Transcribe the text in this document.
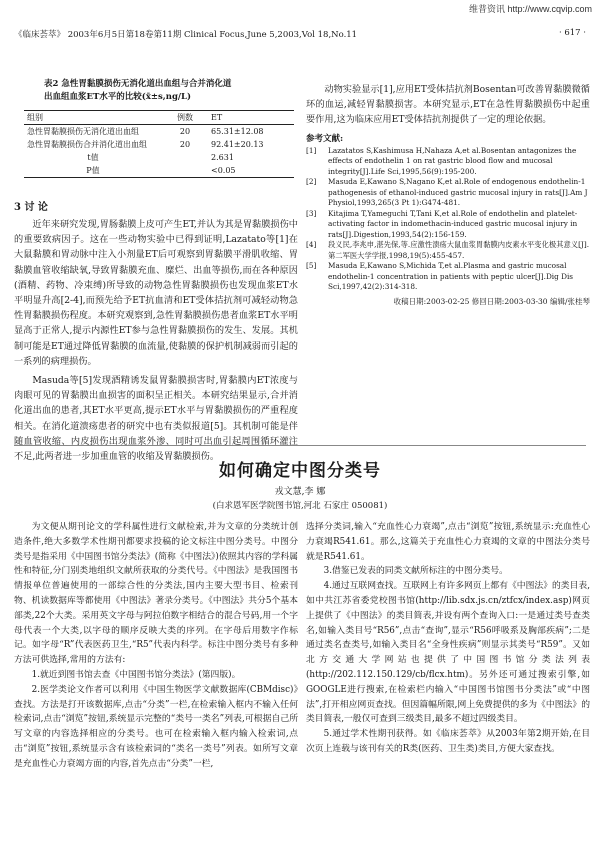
维普资讯 http://www.cqvip.com
《临床荟萃》 2003年6月5日第18卷第11期 Clinical Focus,June 5,2003,Vol 18,No.11	· 617 ·
表2 急性胃黏膜损伤无消化道出血组与合并消化道
出血组血浆ET水平的比较(x̄±s,ng/L)
组别	例数	ET
急性胃黏膜损伤无消化道出血组	20	65.31±12.08
急性胃黏膜损伤合并消化道出血组	20	92.41±20.13
t值		2.631
P值		<0.05
3 讨 论

近年来研究发现,胃肠黏膜上皮可产生ET,并认为其是胃黏膜损伤中的重要致病因子。这在一些动物实验中已得到证明,Lazatato等[1]在大鼠黏膜和胃动脉中注入小剂量ET后可观察到胃黏膜平滑肌收缩、胃黏膜血管收缩缺氧,导致胃黏膜充血、糜烂、出血等损伤,而在各种原因(酒精、药物、冷束缚)所导致的动物急性胃黏膜损伤也发现血浆ET水平明显升高[2-4],而预先给予ET抗血清和ET受体拮抗剂可减轻动物急性胃黏膜损伤程度。本研究观察到,急性胃黏膜损伤患者血浆ET水平明显高于正常人,提示内源性ET参与急性胃黏膜损伤的发生、发展。其机制可能是ET通过降低胃黏膜的血流量,使黏膜的保护机制减弱而引起的一系列的病理损伤。

Masuda等[5]发现酒精诱发鼠胃黏膜损害时,胃黏膜内ET浓度与肉眼可见的胃黏膜出血损害的面积呈正相关。本研究结果显示,合并消化道出血的患者,其ET水平更高,提示ET水平与胃黏膜损伤的严重程度相关。在消化道溃疡患者的研究中也有类似报道[5]。其机制可能是伴随血管收缩、内皮损伤出现血浆外渗、同时可出血引起周围循环灌注不足,此两者进一步加重血管的收缩及胃黏膜损伤。

动物实验显示[1],应用ET受体拮抗剂Bosentan可改善胃黏膜微循环的血运,减轻胃黏膜损害。本研究显示,ET在急性胃黏膜损伤中起重要作用,这为临床应用ET受体拮抗剂提供了一定的理论依据。

参考文献:
[1] Lazatatos S,Kashimusa H,Nahaza A,et al.Bosentan antagonizes the effects of endothelin 1 on rat gastric blood flow and mucosal integrity[J].Life Sci,1995,56(9):195-200.
[2] Masuda E,Kawano S,Nagano K,et al.Role of endogenous endothelin-1 pathogenesis of ethanol-induced gastric mucosal injury in rats[J].Am J Physiol,1993,265(3 Pt 1):G474-481.
[3] Kitajima T,Yameguchi T,Tani K,et al.Role of endothelin and platelet-activating factor in indomethacin-induced gastric mucosal injury in rats[J].Digestion,1993,54(2):156-159.
[4] 段义民,李兆申,湛先保,等.应激性溃疡大鼠血浆胃黏膜内皮素水平变化极其意义[J].第二军医大学学报,1998,19(5):455-457.
[5] Masuda E,Kawano S,Michida T,et al.Plasma and gastric mucosal endothelin-1 concentration in patients with peptic ulcer[J].Dig Dis Sci,1997,42(2):314-318.
收稿日期:2003-02-25 修回日期:2003-03-30 编辑/张桂琴
如何确定中图分类号
戎文慧,李 娜
(白求恩军医学院图书馆,河北 石家庄 050081)

为文便从期刊论文的学科属性进行文献检索,并为文章的分类统计创造条件,绝大多数学术性期刊都要求投稿的论文标注中图分类号。中图分类号是指采用《中国图书馆分类法》(简称《中图法》)依照其内容的学科属性和特征,分门别类地组织文献所获取的分类代号。《中图法》是我国图书情报单位普遍使用的一部综合性的分类法,国内主要大型书目、检索刊物、机读数据库等都使用《中图法》著录分类号。《中图法》共分5个基本部类,22个大类。采用英文字母与阿拉伯数字相结合的混合号码,用一个字母代表一个大类,以字母的顺序反映大类的序列。在字母后用数字作标记。如字母“R”代表医药卫生,“R5”代表内科学。标注中图分类号有多种方法可供选择,常用的方法有:

1.就近到图书馆去查《中国图书馆分类法》(第四版)。

2.医学类论文作者可以利用《中国生物医学文献数据库(CBMdisc)》查找。方法是打开该数据库,点击“分类”一栏,在检索输入框内不输入任何检索词,点击“浏览”按钮,系统显示完整的“类号一类名”列表,可根据自己所写文章的内容选择相应的分类号。也可在检索输入框内输入检索词,点击“浏览”按钮,系统显示含有该检索词的“类名一类号”列表。如所写文章是充血性心力衰竭方面的内容,首先点击“分类”一栏,

选择分类词,输入“充血性心力衰竭”,点击“浏览”按钮,系统显示:充血性心力衰竭R541.61。那么,这篇关于充血性心力衰竭的文章的中图法分类号就是R541.61。

3.借鉴已发表的同类文献所标注的中图分类号。

4.通过互联网查找。互联网上有许多网页上都有《中图法》的类目表,如中共江苏省委党校图书馆(http://lib.sdx.js.cn/ztfcx/index.asp)网页上提供了《中图法》的类目简表,并设有两个查询入口:一是通过类号查类名,如输入类目号“R56”,点击“查询”,显示“R56呼吸系及胸部疾病”;二是通过类名查类号,如输入类目名“全身性疾病”则显示其类号“R59”。又如北方交通大学网站也提供了中国图书馆分类法列表(http://202.112.150.129/cb/flcx.htm)。另外还可通过搜索引擎,如GOOGLE进行搜索,在检索栏内输入“中国图书馆图书分类法”或“中图法”,打开相应网页查找。但因篇幅所限,网上免费提供的多为《中图法》的类目简表,一般仅可查到三级类目,最多不超过四级类目。

5.通过学术性期刊获得。如《临床荟萃》从2003年第2期开始,在目次页上连载与该刊有关的R类(医药、卫生类)类目,方便大家查找。
